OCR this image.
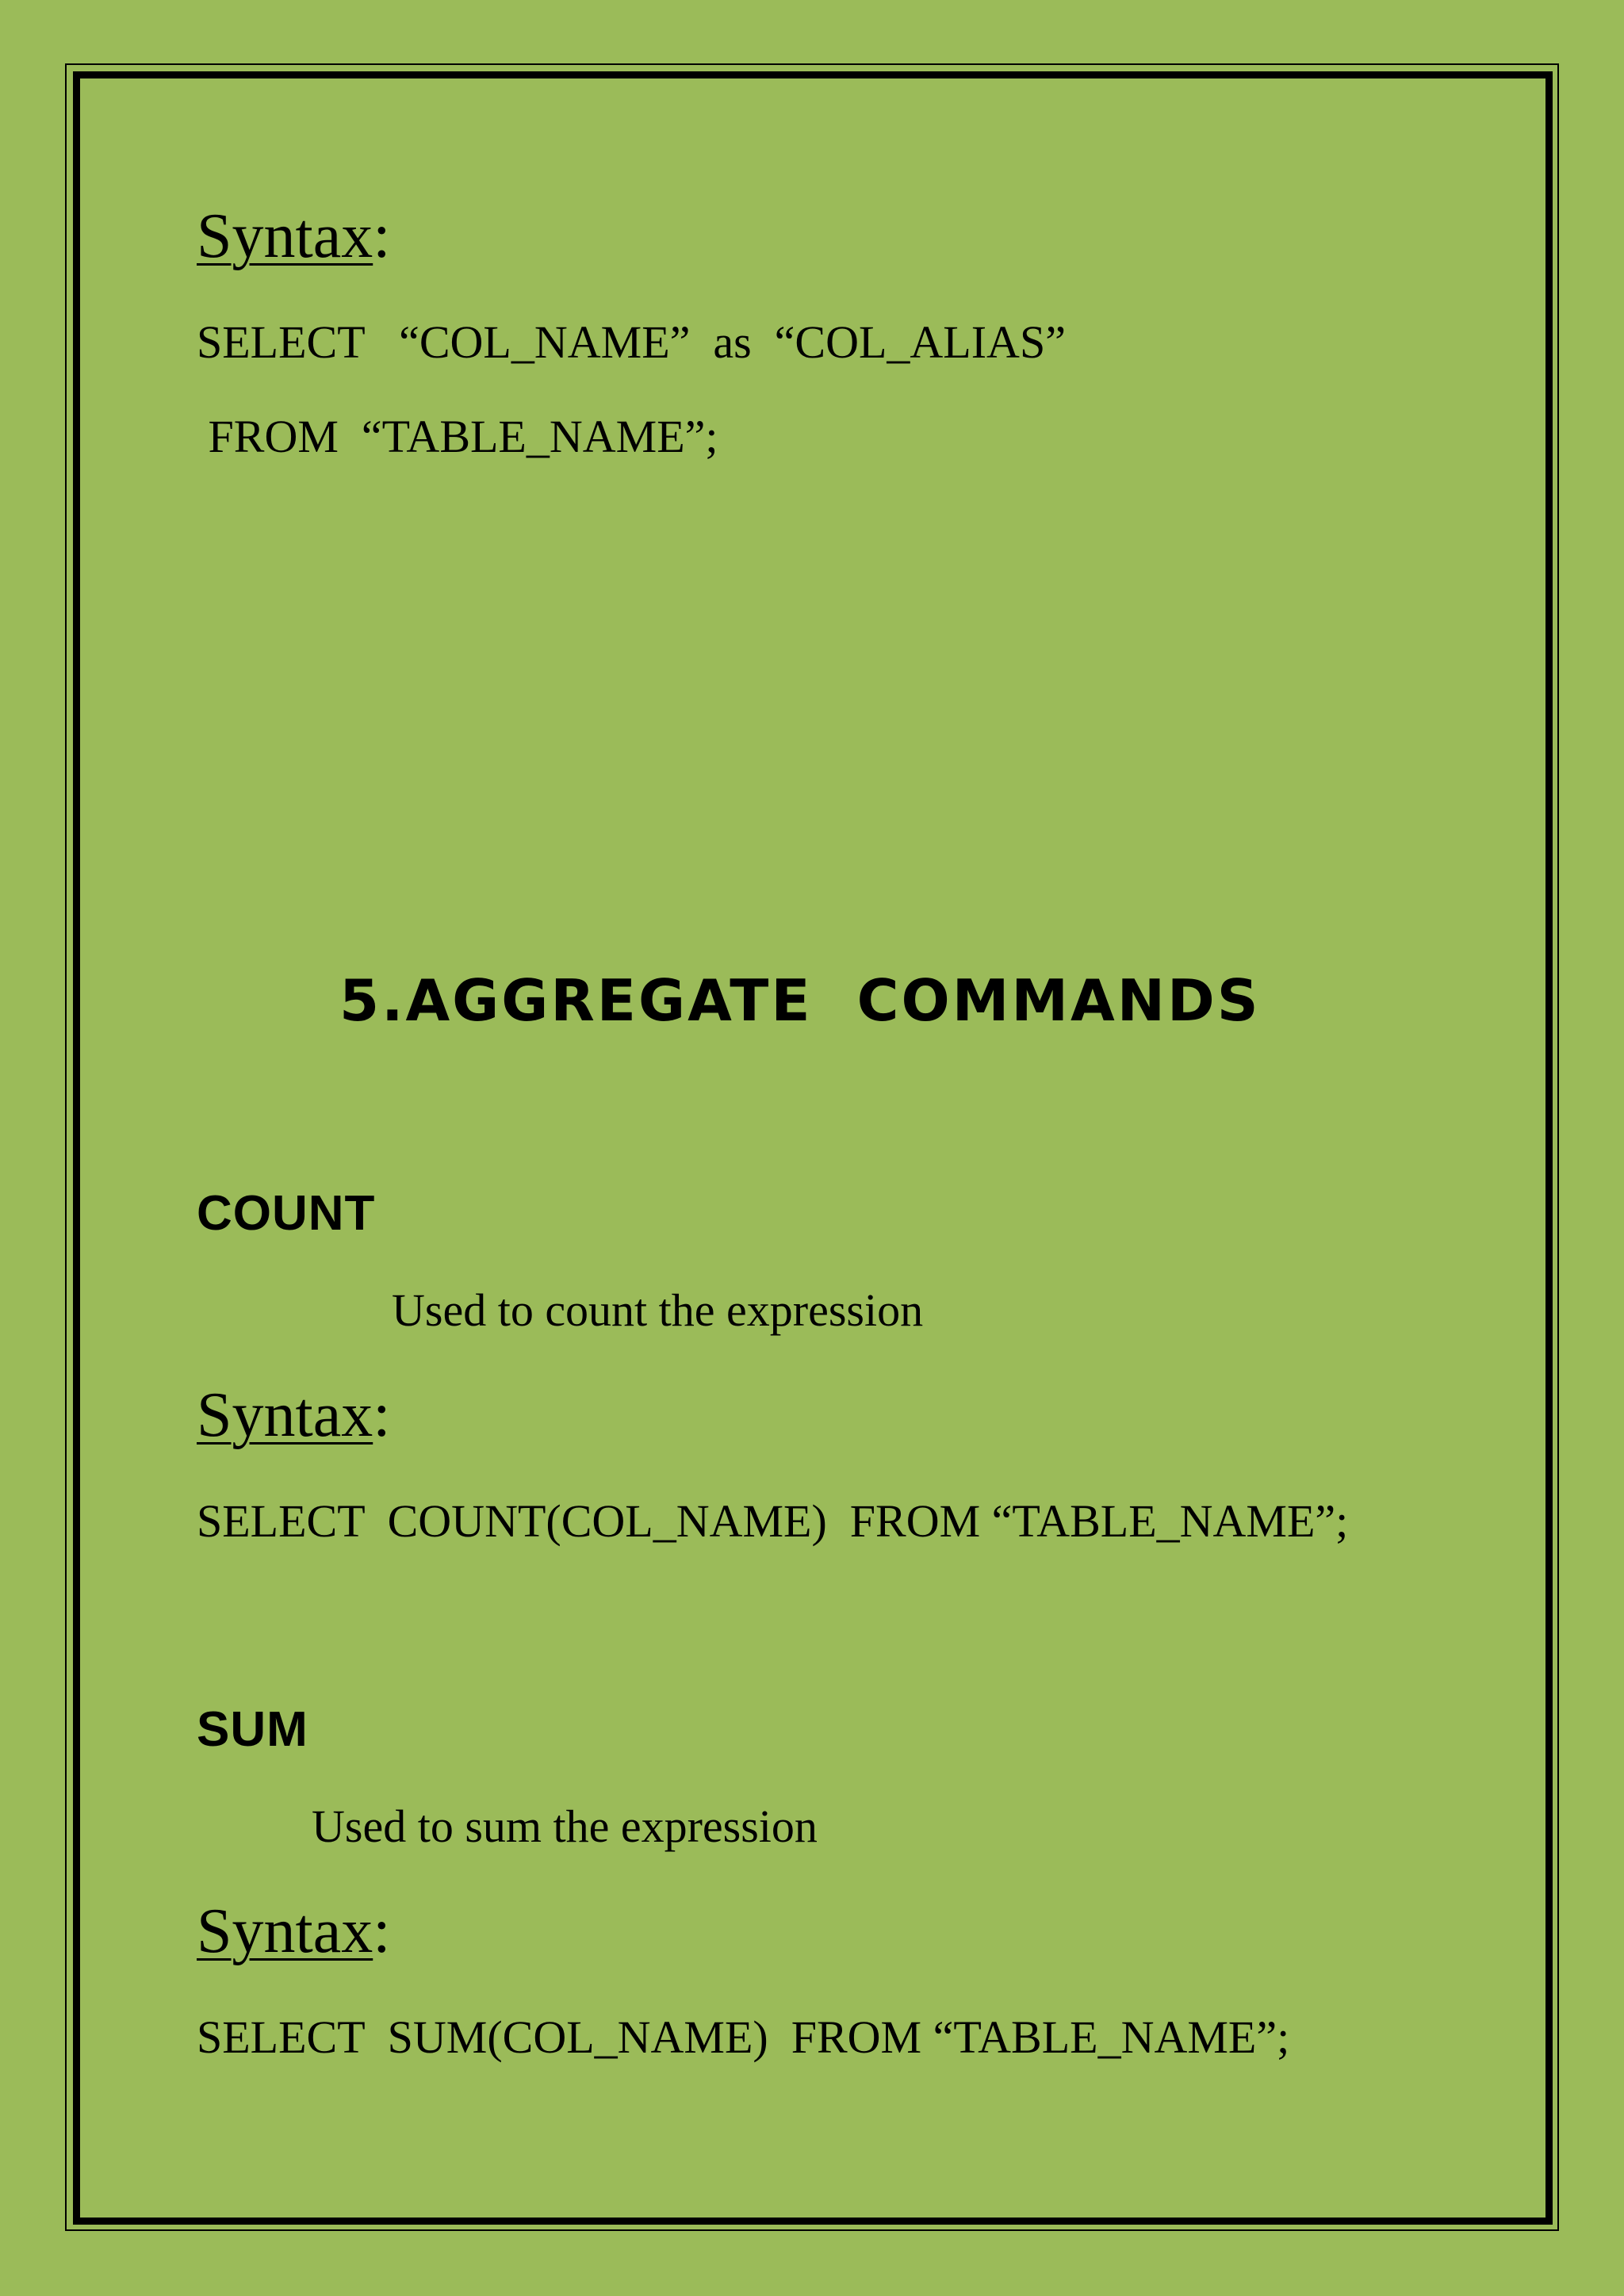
Syntax:
SELECT   “COL_NAME”  as  “COL_ALIAS”
FROM  “TABLE_NAME”;
5.AGGREGATE  COMMANDS
COUNT
Used to count the expression
Syntax:
SELECT  COUNT(COL_NAME)  FROM “TABLE_NAME”;
SUM
Used to sum the expression
Syntax:
SELECT  SUM(COL_NAME)  FROM “TABLE_NAME”;
